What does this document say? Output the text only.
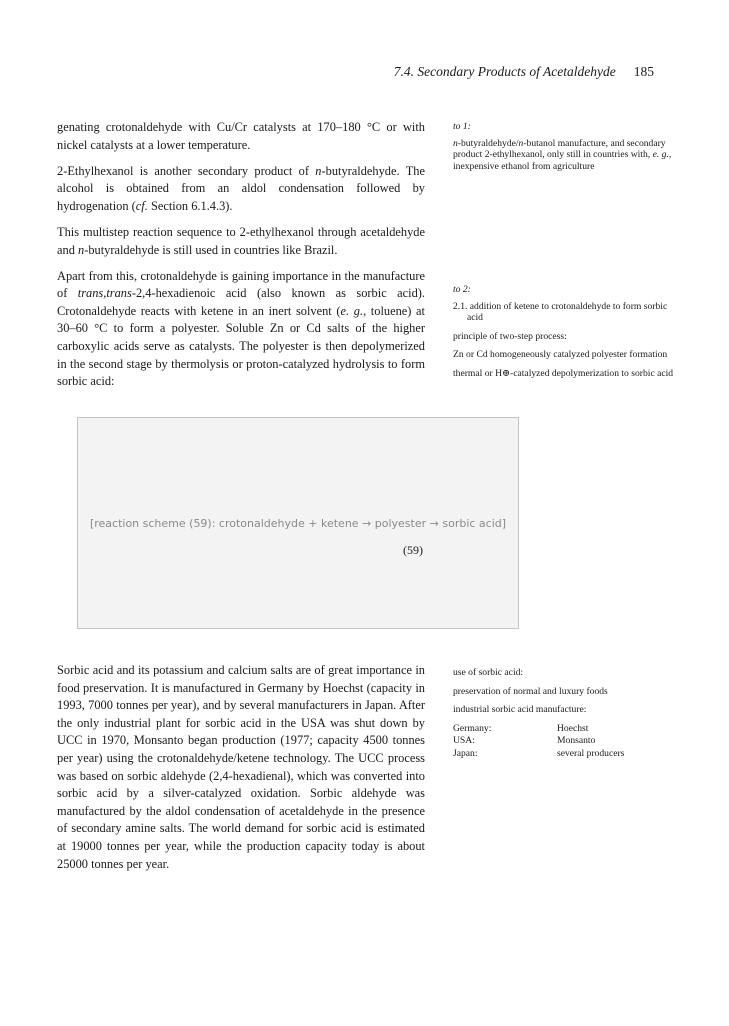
7.4. Secondary Products of Acetaldehyde 185

genating crotonaldehyde with Cu/Cr catalysts at 170–180 °C or with nickel catalysts at a lower temperature.

2-Ethylhexanol is another secondary product of n-butyraldehyde. The alcohol is obtained from an aldol condensation followed by hydrogenation (cf. Section 6.1.4.3).

This multistep reaction sequence to 2-ethylhexanol through acetaldehyde and n-butyraldehyde is still used in countries like Brazil.

Apart from this, crotonaldehyde is gaining importance in the manufacture of trans,trans-2,4-hexadienoic acid (also known as sorbic acid). Crotonaldehyde reacts with ketene in an inert solvent (e. g., toluene) at 30–60 °C to form a polyester. Soluble Zn or Cd salts of the higher carboxylic acids serve as catalysts. The polyester is then depolymerized in the second stage by thermolysis or proton-catalyzed hydrolysis to form sorbic acid:

to 1:
n-butyraldehyde/n-butanol manufacture, and secondary product 2-ethylhexanol, only still in countries with, e. g., inexpensive ethanol from agriculture
to 2:
2.1. addition of ketene to crotonaldehyde to form sorbic acid
principle of two-step process:
Zn or Cd homogeneously catalyzed polyester formation
thermal or H⊕-catalyzed depolymerization to sorbic acid
[reaction scheme (59): crotonaldehyde + ketene → polyester → sorbic acid]
(59)

Sorbic acid and its potassium and calcium salts are of great importance in food preservation. It is manufactured in Germany by Hoechst (capacity in 1993, 7000 tonnes per year), and by several manufacturers in Japan. After the only industrial plant for sorbic acid in the USA was shut down by UCC in 1970, Monsanto began production (1977; capacity 4500 tonnes per year) using the crotonaldehyde/ketene technology. The UCC process was based on sorbic aldehyde (2,4-hexadienal), which was converted into sorbic acid by a silver-catalyzed oxidation. Sorbic aldehyde was manufactured by the aldol condensation of acetaldehyde in the presence of secondary amine salts. The world demand for sorbic acid is estimated at 19000 tonnes per year, while the production capacity today is about 25000 tonnes per year.

use of sorbic acid:
preservation of normal and luxury foods
industrial sorbic acid manufacture:
Germany:	Hoechst
USA:	Monsanto
Japan:	several producers
